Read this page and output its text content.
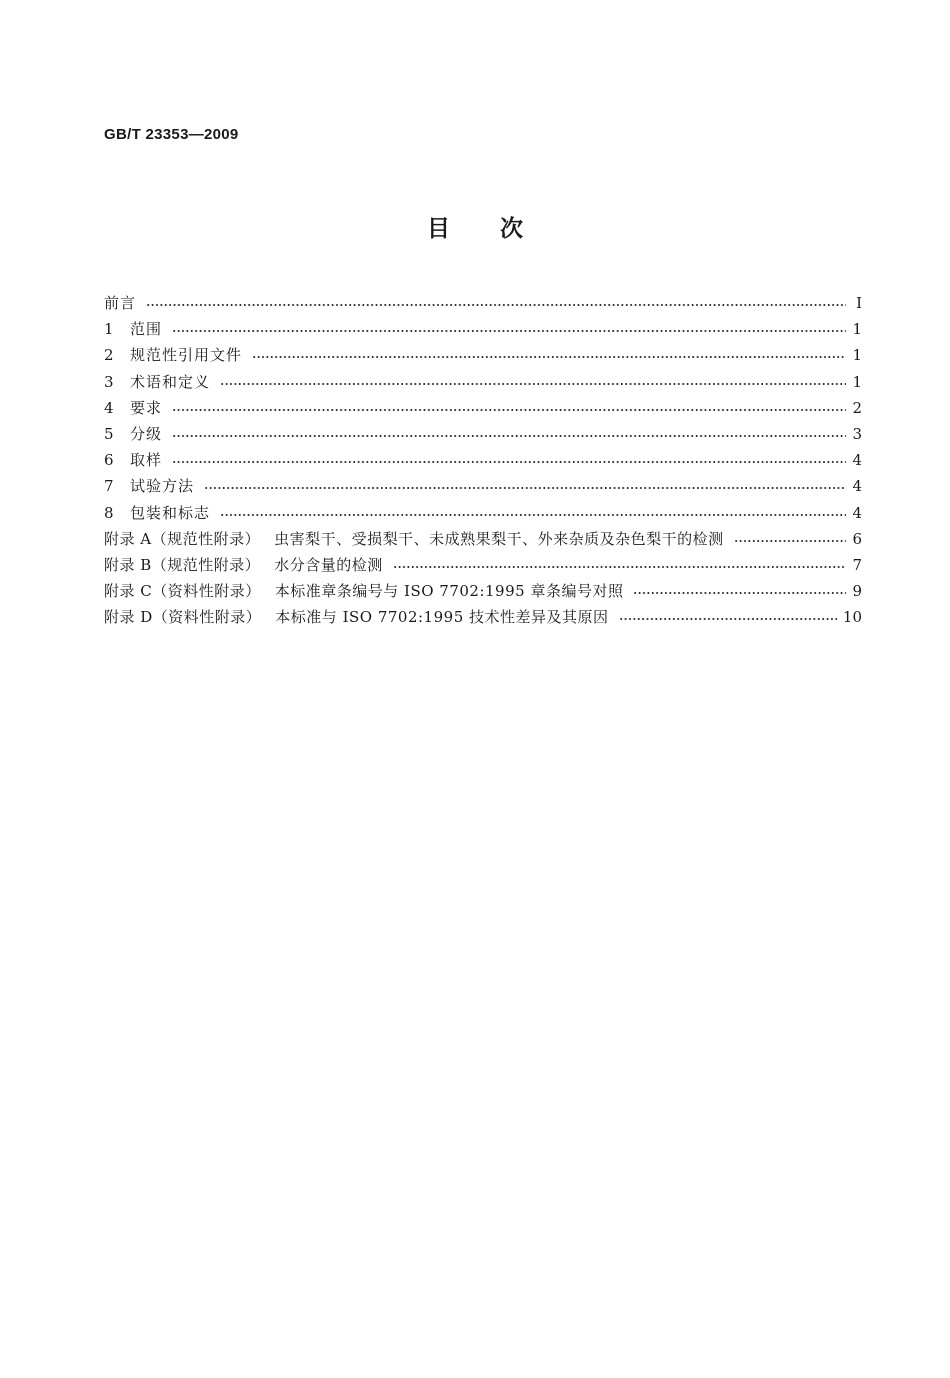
GB/T 23353—2009
目次
前言	Ⅰ
1	范围	1
2	规范性引用文件	1
3	术语和定义	1
4	要求	2
5	分级	3
6	取样	4
7	试验方法	4
8	包装和标志	4
附录 A（规范性附录） 虫害梨干、受损梨干、未成熟果梨干、外来杂质及杂色梨干的检测	6
附录 B（规范性附录） 水分含量的检测	7
附录 C（资料性附录） 本标准章条编号与 ISO 7702:1995 章条编号对照	9
附录 D（资料性附录） 本标准与 ISO 7702:1995 技术性差异及其原因	10
